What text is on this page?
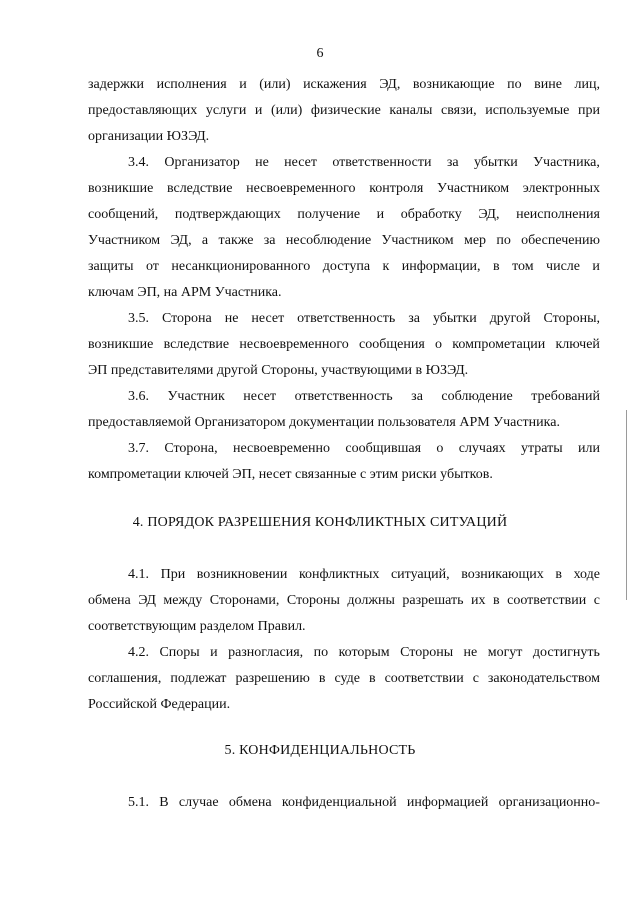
6
задержки исполнения и (или) искажения ЭД, возникающие по вине лиц,
предоставляющих услуги и (или) физические каналы связи, используемые при
организации ЮЗЭД.
3.4. Организатор не несет ответственности за убытки Участника,
возникшие вследствие несвоевременного контроля Участником электронных
сообщений, подтверждающих получение и обработку ЭД, неисполнения
Участником ЭД, а также за несоблюдение Участником мер по обеспечению
защиты от несанкционированного доступа к информации, в том числе и
ключам ЭП, на АРМ Участника.
3.5. Сторона не несет ответственность за убытки другой Стороны,
возникшие вследствие несвоевременного сообщения о компрометации ключей
ЭП представителями другой Стороны, участвующими в ЮЗЭД.
3.6. Участник несет ответственность за соблюдение требований
предоставляемой Организатором документации пользователя АРМ Участника.
3.7. Сторона, несвоевременно сообщившая о случаях утраты или
компрометации ключей ЭП, несет связанные с этим риски убытков.
4. ПОРЯДОК РАЗРЕШЕНИЯ КОНФЛИКТНЫХ СИТУАЦИЙ
4.1. При возникновении конфликтных ситуаций, возникающих в ходе
обмена ЭД между Сторонами, Стороны должны разрешать их в соответствии с
соответствующим разделом Правил.
4.2. Споры и разногласия, по которым Стороны не могут достигнуть
соглашения, подлежат разрешению в суде в соответствии с законодательством
Российской Федерации.
5. КОНФИДЕНЦИАЛЬНОСТЬ
5.1. В случае обмена конфиденциальной информацией организационно-
